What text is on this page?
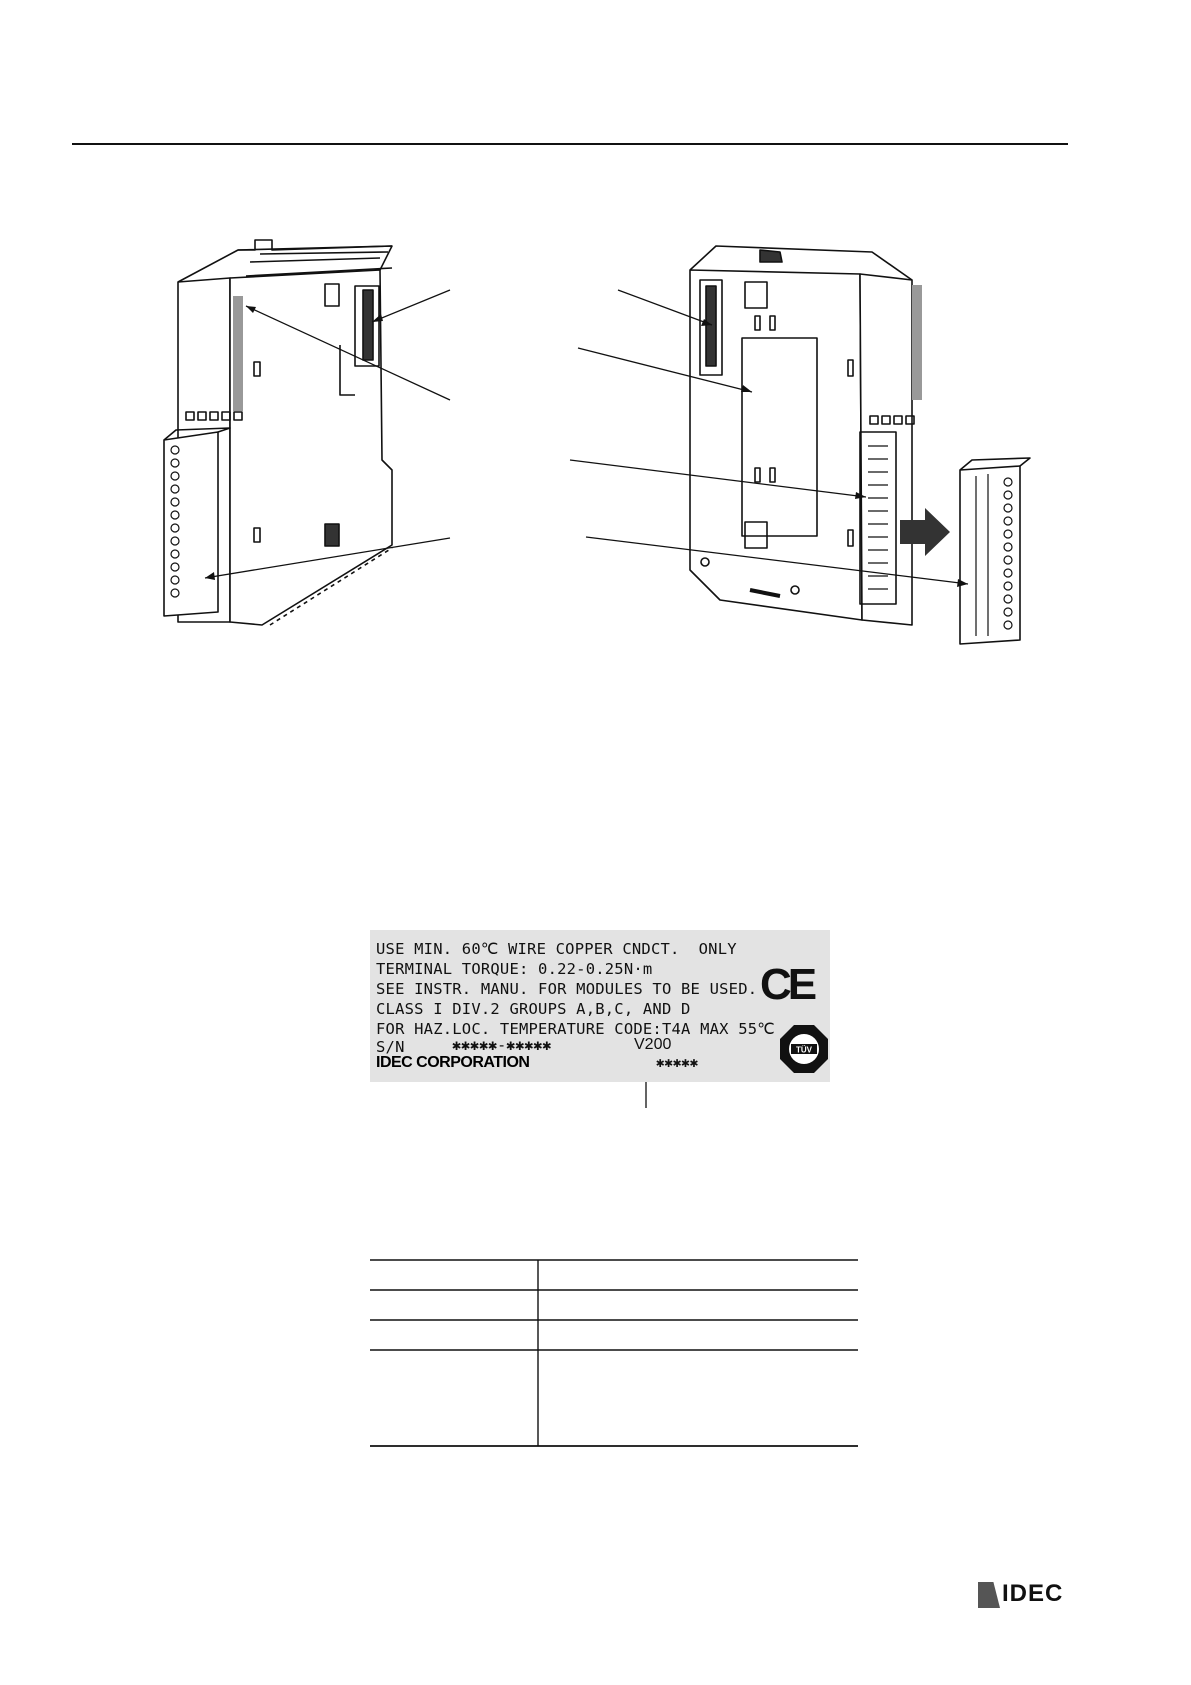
USE MIN. 60℃ WIRE COPPER CNDCT.  ONLY
TERMINAL TORQUE: 0.22-0.25N·m
SEE INSTR. MANU. FOR MODULES TO BE USED.
CLASS I DIV.2 GROUPS A,B,C, AND D
FOR HAZ.LOC. TEMPERATURE CODE:T4A MAX 55℃
S/N	✱✱✱✱✱-✱✱✱✱✱	V200
IDEC CORPORATION	✱✱✱✱✱
CE
TÜV
IDEC
